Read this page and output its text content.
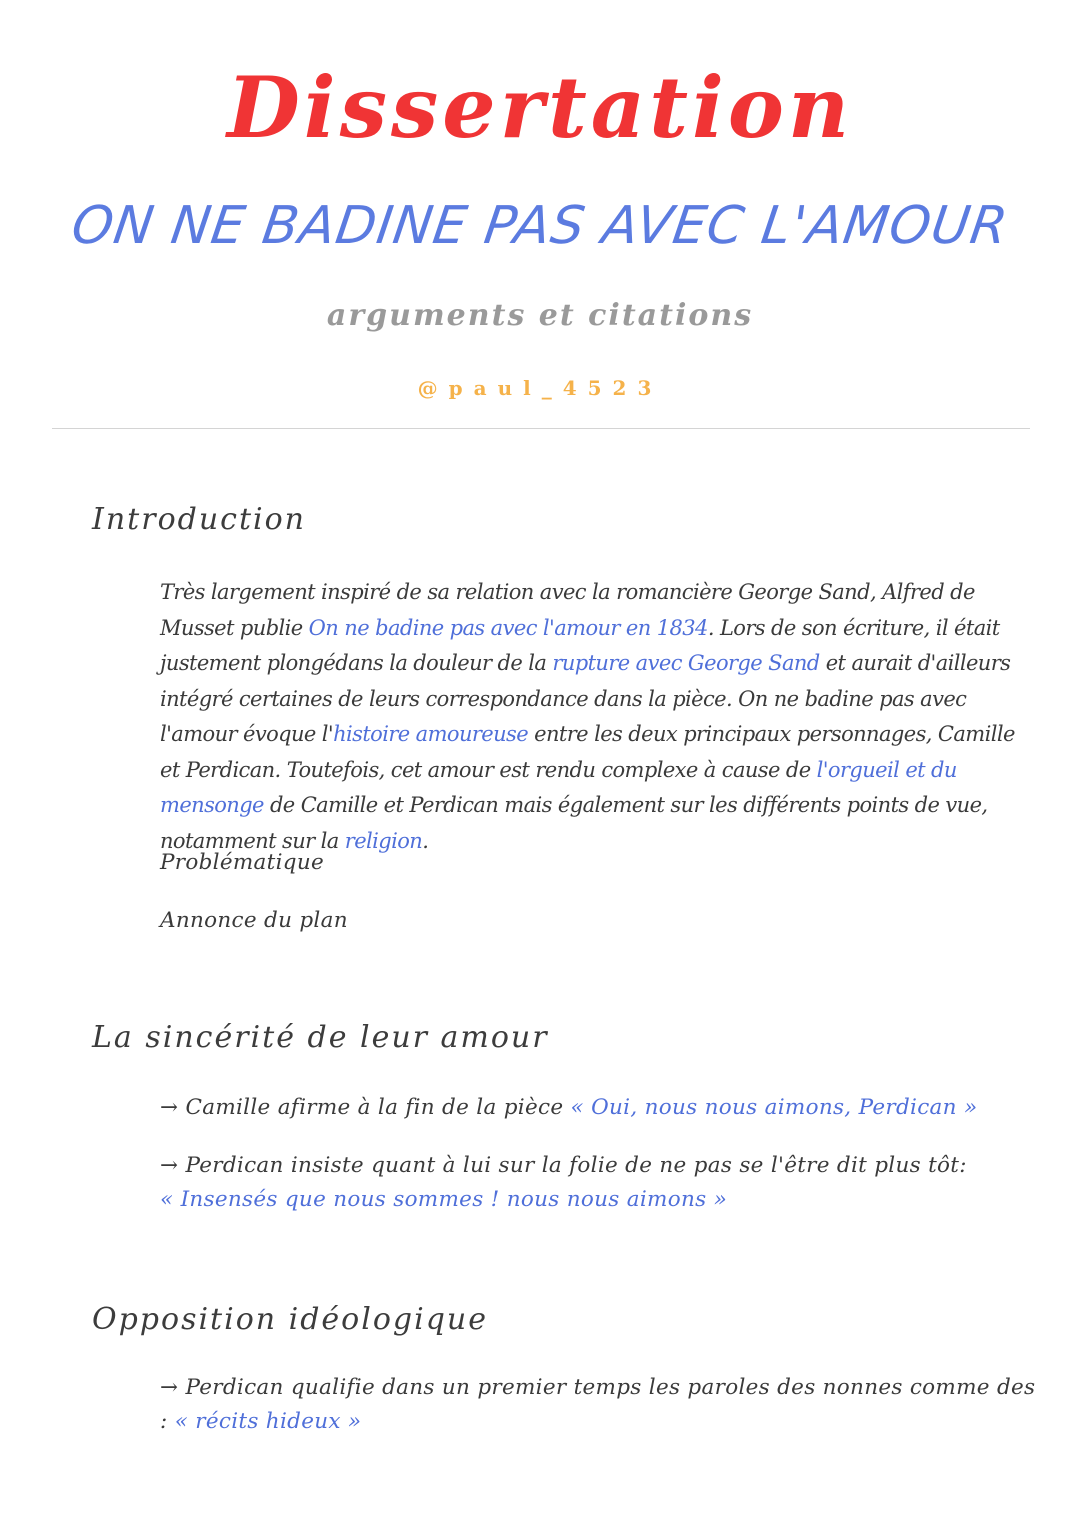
Dissertation
ON NE BADINE PAS AVEC L'AMOUR
arguments et citations
@paul_4523
Introduction
Très largement inspiré de sa relation avec la romancière George Sand, Alfred de Musset publie On ne badine pas avec l'amour en 1834. Lors de son écriture, il était justement plongédans la douleur de la rupture avec George Sand et aurait d'ailleurs intégré certaines de leurs correspondance dans la pièce. On ne badine pas avec l'amour évoque l'histoire amoureuse entre les deux principaux personnages, Camille et Perdican. Toutefois, cet amour est rendu complexe à cause de l'orgueil et du mensonge de Camille et Perdican mais également sur les différents points de vue, notamment sur la religion.
Problématique
Annonce du plan
La sincérité de leur amour
→ Camille afirme à la fin de la pièce « Oui, nous nous aimons, Perdican »
→ Perdican insiste quant à lui sur la folie de ne pas se l'être dit plus tôt:
« Insensés que nous sommes ! nous nous aimons »
Opposition idéologique
→ Perdican qualifie dans un premier temps les paroles des nonnes comme des
: « récits hideux »
